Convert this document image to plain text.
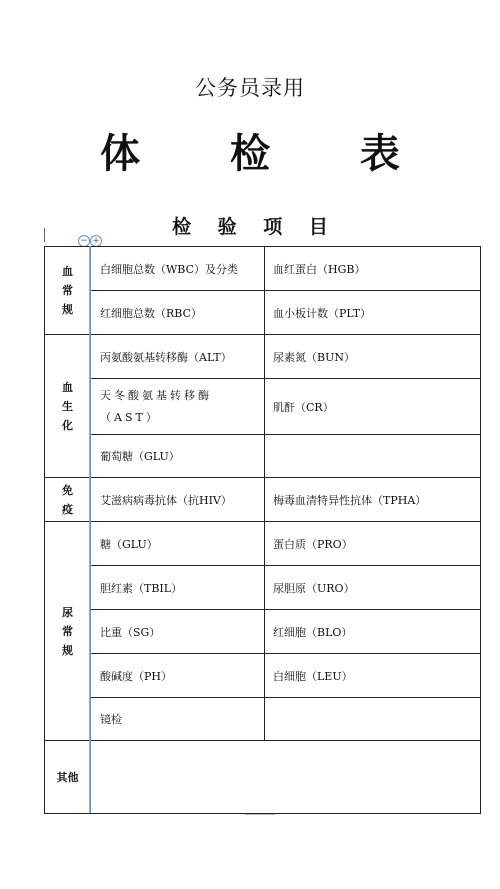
公务员录用
体 检 表
检 验 项 目
− +
血常规	白细胞总数（WBC）及分类	血红蛋白（HGB）
	红细胞总数（RBC）	血小板计数（PLT）
血生化	丙氨酸氨基转移酶（ALT）	尿素氮（BUN）
	天冬酸氨基转移酶（AST）	肌酐（CR）
	葡萄糖（GLU）	
免疫	艾滋病病毒抗体（抗HIV）	梅毒血清特异性抗体（TPHA）
尿常规	糖（GLU）	蛋白质（PRO）
	胆红素（TBIL）	尿胆原（URO）
	比重（SG）	红细胞（BLO）
	酸碱度（PH）	白细胞（LEU）
	镜检	
其他		
